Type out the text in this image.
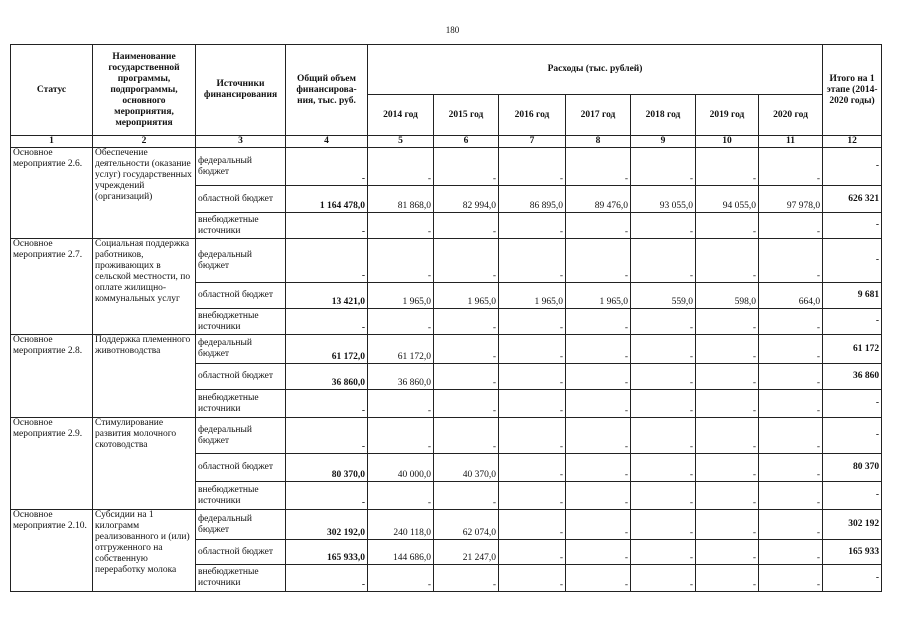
180
Статус	Наименование государственной программы, подпрограммы, основного мероприятия, мероприятия	Источники финансирования	Общий объем финансирова-ния, тыс. руб.	Расходы (тыс. рублей)							Итого на 1 этапе (2014-2020 годы)
				2014 год	2015 год	2016 год	2017 год	2018 год	2019 год	2020 год	
1	2	3	4	5	6	7	8	9	10	11	12
Основное мероприятие 2.6.	Обеспечение деятельности (оказание услуг) государственных учреждений (организаций)	федеральный бюджет	-	-	-	-	-	-	-	-	-
		областной бюджет	1 164 478,0	81 868,0	82 994,0	86 895,0	89 476,0	93 055,0	94 055,0	97 978,0	626 321
		внебюджетные источники	-	-	-	-	-	-	-	-	-
Основное мероприятие 2.7.	Социальная поддержка работников, проживающих в сельской местности, по оплате жилищно-коммунальных услуг	федеральный бюджет	-	-	-	-	-	-	-	-	-
		областной бюджет	13 421,0	1 965,0	1 965,0	1 965,0	1 965,0	559,0	598,0	664,0	9 681
		внебюджетные источники	-	-	-	-	-	-	-	-	-
Основное мероприятие 2.8.	Поддержка племенного животноводства	федеральный бюджет	61 172,0	61 172,0	-	-	-	-	-	-	61 172
		областной бюджет	36 860,0	36 860,0	-	-	-	-	-	-	36 860
		внебюджетные источники	-	-	-	-	-	-	-	-	-
Основное мероприятие 2.9.	Стимулирование развития молочного скотоводства	федеральный бюджет	-	-	-	-	-	-	-	-	-
		областной бюджет	80 370,0	40 000,0	40 370,0	-	-	-	-	-	80 370
		внебюджетные источники	-	-	-	-	-	-	-	-	-
Основное мероприятие 2.10.	Субсидии на 1 килограмм реализованного и (или) отгруженного на собственную переработку молока	федеральный бюджет	302 192,0	240 118,0	62 074,0	-	-	-	-	-	302 192
		областной бюджет	165 933,0	144 686,0	21 247,0	-	-	-	-	-	165 933
		внебюджетные источники	-	-	-	-	-	-	-	-	-
